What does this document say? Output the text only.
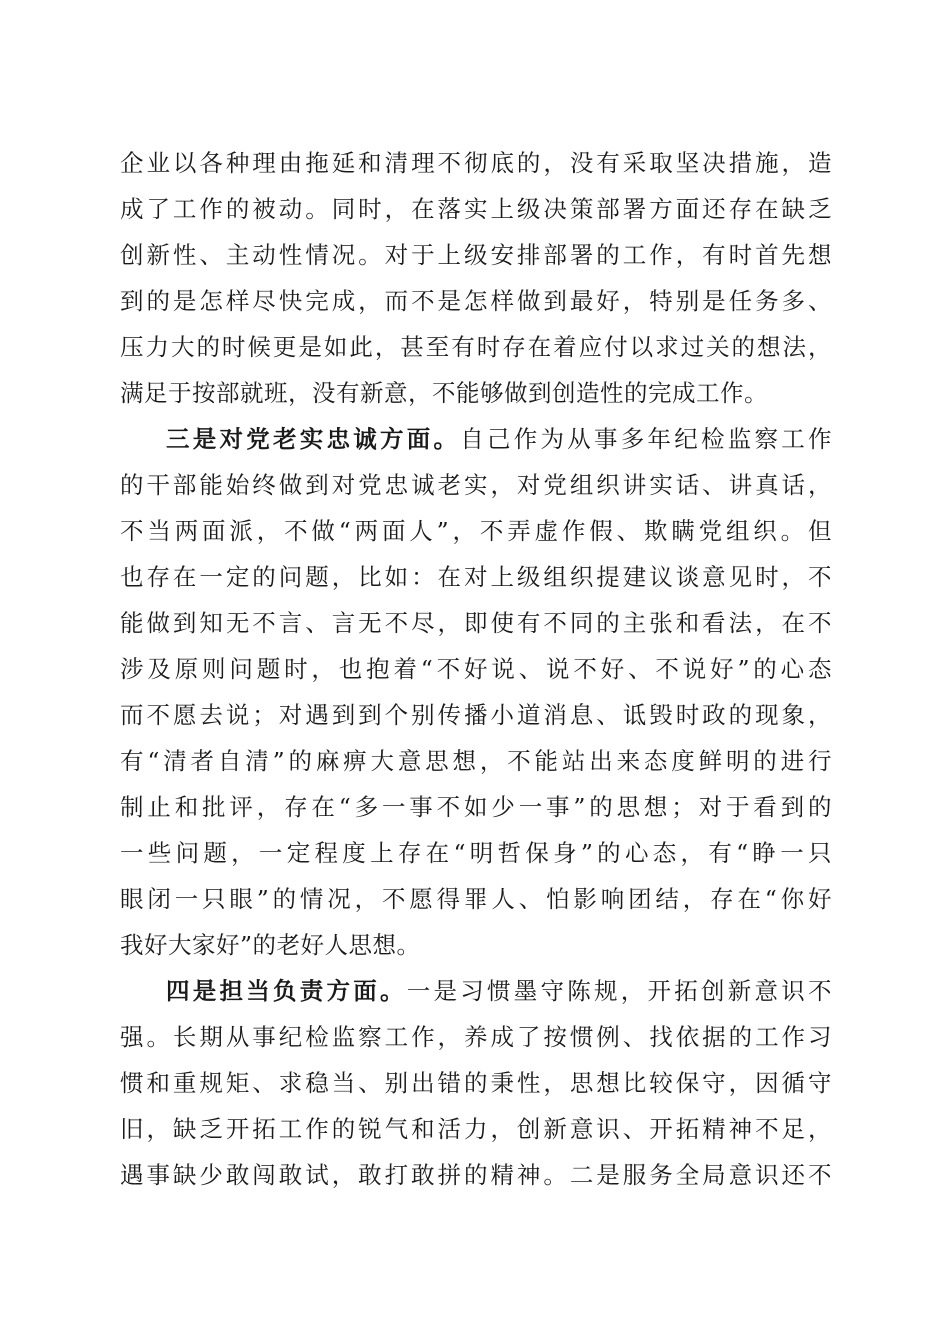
企业以各种理由拖延和清理不彻底的，没有采取坚决措施，造
成了工作的被动。同时，在落实上级决策部署方面还存在缺乏
创新性、主动性情况。对于上级安排部署的工作，有时首先想
到的是怎样尽快完成，而不是怎样做到最好，特别是任务多、
压力大的时候更是如此，甚至有时存在着应付以求过关的想法，
满足于按部就班，没有新意，不能够做到创造性的完成工作。
三是对党老实忠诚方面。自己作为从事多年纪检监察工作
的干部能始终做到对党忠诚老实，对党组织讲实话、讲真话，
不当两面派，不做“两面人”，不弄虚作假、欺瞒党组织。但
也存在一定的问题，比如：在对上级组织提建议谈意见时，不
能做到知无不言、言无不尽，即使有不同的主张和看法，在不
涉及原则问题时，也抱着“不好说、说不好、不说好”的心态
而不愿去说；对遇到到个别传播小道消息、诋毁时政的现象，
有“清者自清”的麻痹大意思想，不能站出来态度鲜明的进行
制止和批评，存在“多一事不如少一事”的思想；对于看到的
一些问题，一定程度上存在“明哲保身”的心态，有“睁一只
眼闭一只眼”的情况，不愿得罪人、怕影响团结，存在“你好
我好大家好”的老好人思想。
四是担当负责方面。一是习惯墨守陈规，开拓创新意识不
强。长期从事纪检监察工作，养成了按惯例、找依据的工作习
惯和重规矩、求稳当、别出错的秉性，思想比较保守，因循守
旧，缺乏开拓工作的锐气和活力，创新意识、开拓精神不足，
遇事缺少敢闯敢试，敢打敢拼的精神。二是服务全局意识还不
